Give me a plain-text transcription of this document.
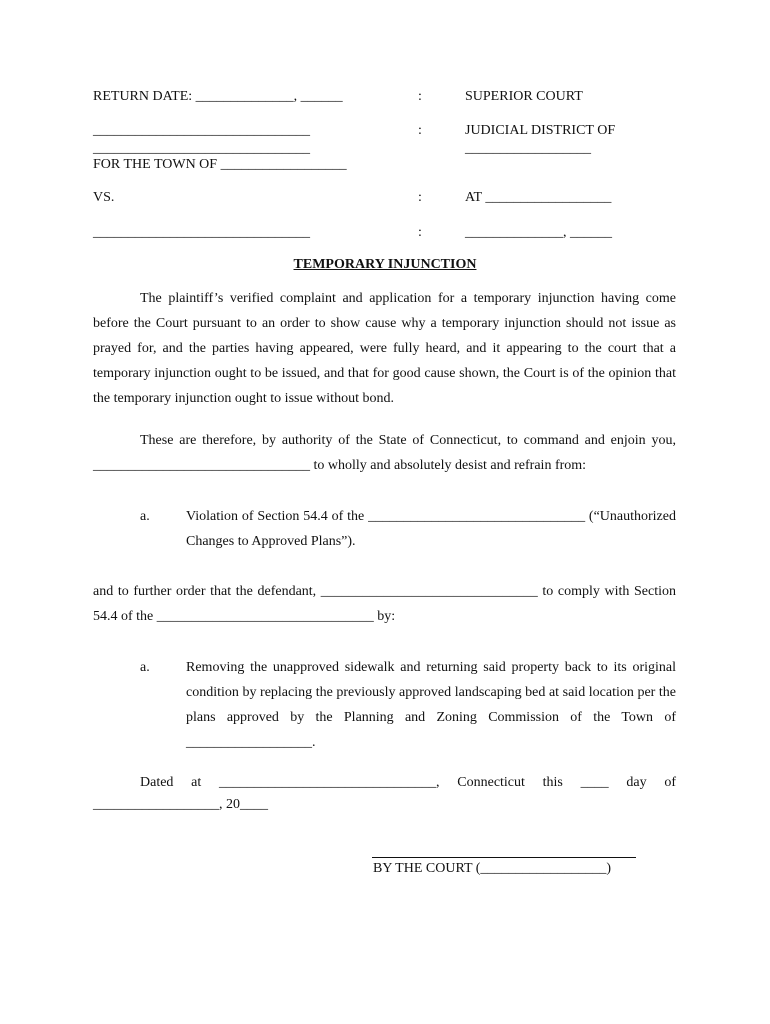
RETURN DATE: ______________, ______
_______________________________
_______________________________
FOR THE TOWN OF __________________
VS.
_______________________________
:
:
:
:
SUPERIOR COURT
JUDICIAL DISTRICT OF
__________________
AT __________________
______________, ______
TEMPORARY INJUNCTION

The plaintiff’s verified complaint and application for a temporary injunction having come before the Court pursuant to an order to show cause why a temporary injunction should not issue as prayed for, and the parties having appeared, were fully heard, and it appearing to the court that a temporary injunction ought to be issued, and that for good cause shown, the Court is of the opinion that the temporary injunction ought to issue without bond.

These are therefore, by authority of the State of Connecticut, to command and enjoin you, _______________________________ to wholly and absolutely desist and refrain from:

a.	Violation of Section 54.4 of the _______________________________ (“Unauthorized Changes to Approved Plans”).

and to further order that the defendant, _______________________________ to comply with Section 54.4 of the _______________________________ by:

a.	Removing the unapproved sidewalk and returning said property back to its original condition by replacing the previously approved landscaping bed at said location per the plans approved by the Planning and Zoning Commission of the Town of __________________.

Dated at _______________________________, Connecticut this ____ day of __________________, 20____

BY THE COURT (__________________)
